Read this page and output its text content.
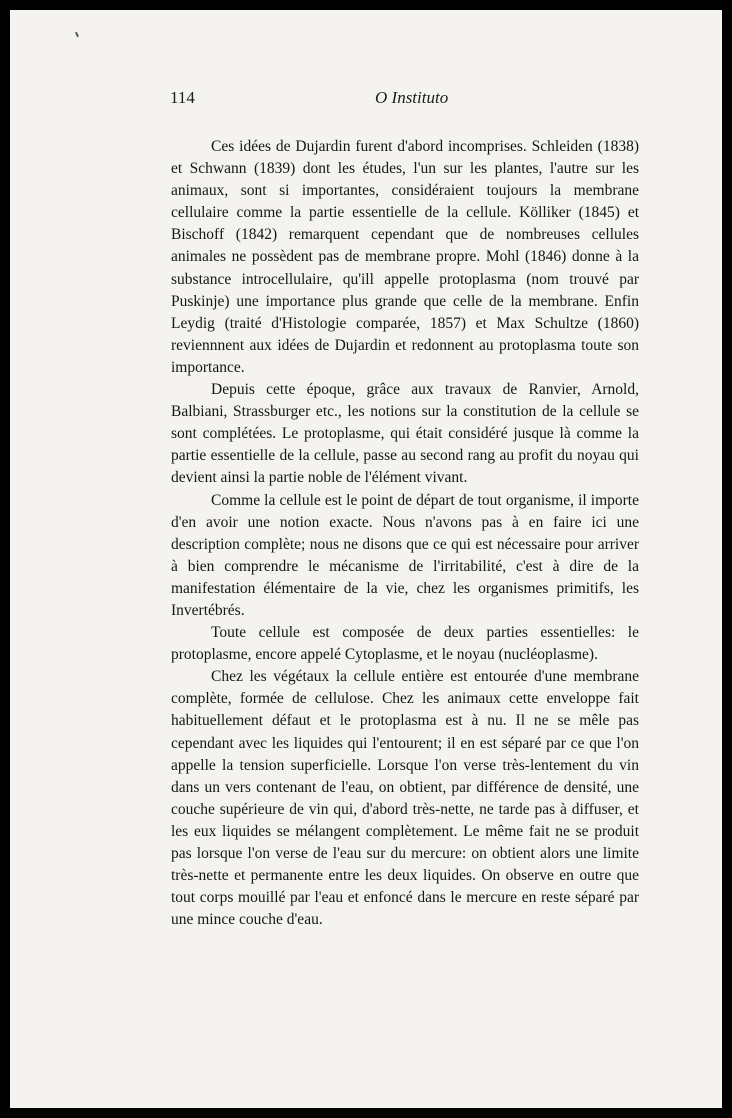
114	O Instituto

Ces idées de Dujardin furent d'abord incomprises. Schleiden (1838) et Schwann (1839) dont les études, l'un sur les plantes, l'autre sur les animaux, sont si importantes, considéraient toujours la membrane cellulaire comme la partie essentielle de la cellule. Kölliker (1845) et Bischoff (1842) remarquent cependant que de nombreuses cellules animales ne possèdent pas de membrane propre. Mohl (1846) donne à la substance introcellulaire, qu'ill appelle protoplasma (nom trouvé par Puskinje) une importance plus grande que celle de la membrane. Enfin Leydig (traité d'Histologie comparée, 1857) et Max Schultze (1860) reviennnent aux idées de Dujardin et redonnent au protoplasma toute son importance.

Depuis cette époque, grâce aux travaux de Ranvier, Arnold, Balbiani, Strassburger etc., les notions sur la constitution de la cellule se sont complétées. Le protoplasme, qui était considéré jusque là comme la partie essentielle de la cellule, passe au second rang au profit du noyau qui devient ainsi la partie noble de l'élément vivant.

Comme la cellule est le point de départ de tout organisme, il importe d'en avoir une notion exacte. Nous n'avons pas à en faire ici une description complète; nous ne disons que ce qui est nécessaire pour arriver à bien comprendre le mécanisme de l'irritabilité, c'est à dire de la manifestation élémentaire de la vie, chez les organismes primitifs, les Invertébrés.

Toute cellule est composée de deux parties essentielles: le protoplasme, encore appelé Cytoplasme, et le noyau (nucléoplasme).

Chez les végétaux la cellule entière est entourée d'une membrane complète, formée de cellulose. Chez les animaux cette enveloppe fait habituellement défaut et le protoplasma est à nu. Il ne se mêle pas cependant avec les liquides qui l'entourent; il en est séparé par ce que l'on appelle la tension superficielle. Lorsque l'on verse très-lentement du vin dans un vers contenant de l'eau, on obtient, par différence de densité, une couche supérieure de vin qui, d'abord très-nette, ne tarde pas à diffuser, et les eux liquides se mélangent complètement. Le même fait ne se produit pas lorsque l'on verse de l'eau sur du mercure: on obtient alors une limite très-nette et permanente entre les deux liquides. On observe en outre que tout corps mouillé par l'eau et enfoncé dans le mercure en reste séparé par une mince couche d'eau.
